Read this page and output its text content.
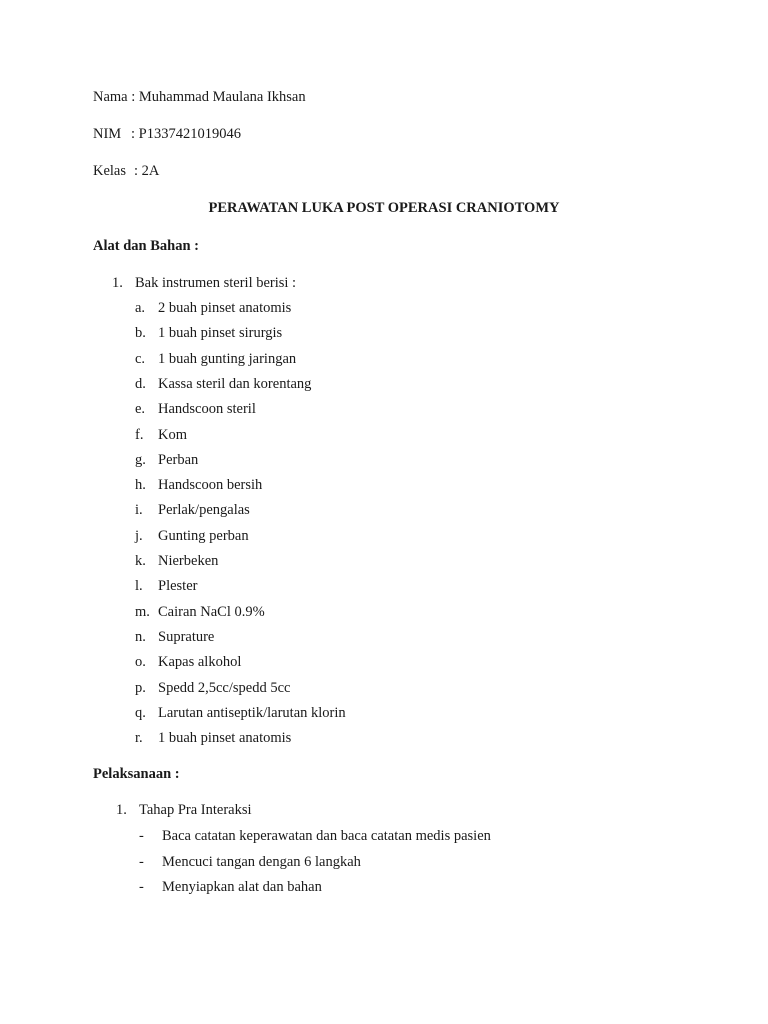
Nama : Muhammad Maulana Ikhsan
NIM : P1337421019046
Kelas : 2A
PERAWATAN LUKA POST OPERASI CRANIOTOMY
Alat dan Bahan :
1. Bak instrumen steril berisi :
a. 2 buah pinset anatomis
b. 1 buah pinset sirurgis
c. 1 buah gunting jaringan
d. Kassa steril dan korentang
e. Handscoon steril
f. Kom
g. Perban
h. Handscoon bersih
i. Perlak/pengalas
j. Gunting perban
k. Nierbeken
l. Plester
m. Cairan NaCl 0.9%
n. Suprature
o. Kapas alkohol
p. Spedd 2,5cc/spedd 5cc
q. Larutan antiseptik/larutan klorin
r. 1 buah pinset anatomis
Pelaksanaan :
1. Tahap Pra Interaksi
- Baca catatan keperawatan dan baca catatan medis pasien
- Mencuci tangan dengan 6 langkah
- Menyiapkan alat dan bahan
